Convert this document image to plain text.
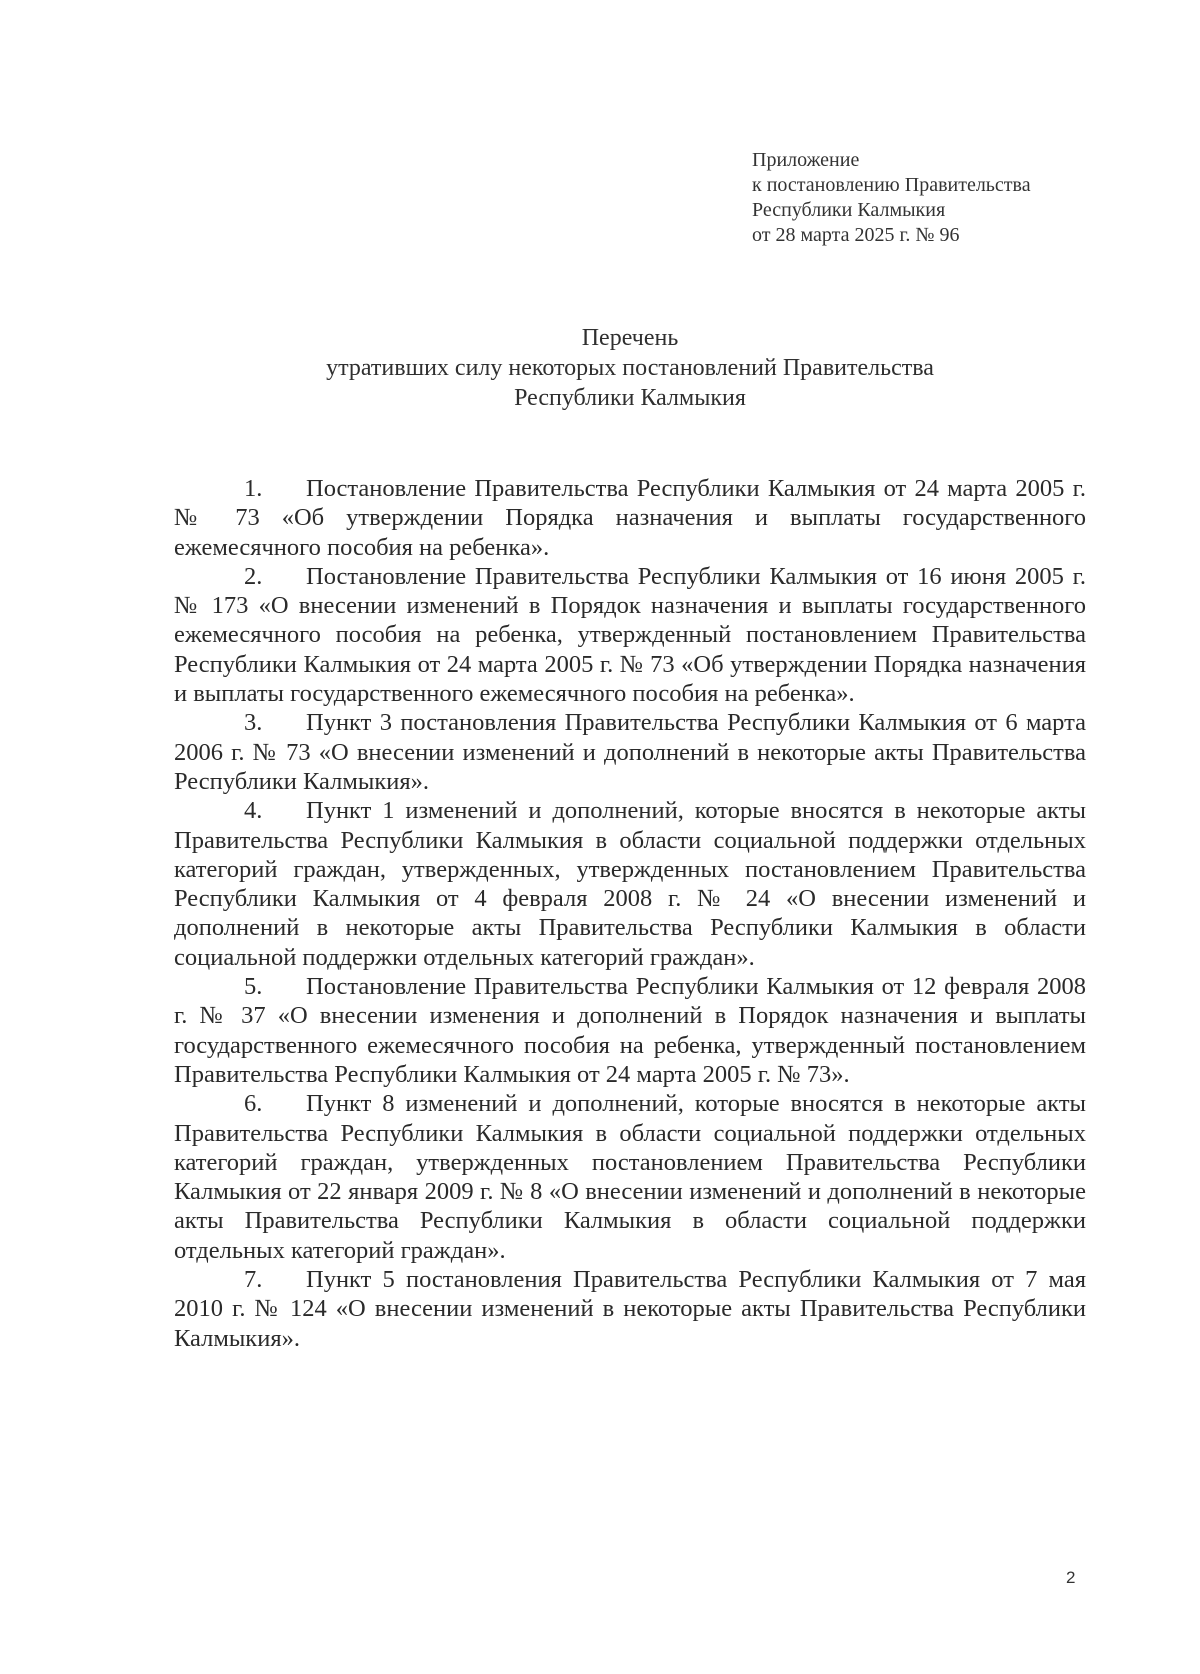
Приложение
к постановлению Правительства
Республики Калмыкия
от 28 марта 2025 г. № 96
Перечень
утративших силу некоторых постановлений Правительства
Республики Калмыкия

1. Постановление Правительства Республики Калмыкия от 24 марта 2005 г. № 73 «Об утверждении Порядка назначения и выплаты государственного ежемесячного пособия на ребенка».

2. Постановление Правительства Республики Калмыкия от 16 июня 2005 г. № 173 «О внесении изменений в Порядок назначения и выплаты государственного ежемесячного пособия на ребенка, утвержденный постановлением Правительства Республики Калмыкия от 24 марта 2005 г. № 73 «Об утверждении Порядка назначения и выплаты государственного ежемесячного пособия на ребенка».

3. Пункт 3 постановления Правительства Республики Калмыкия от 6 марта 2006 г. № 73 «О внесении изменений и дополнений в некоторые акты Правительства Республики Калмыкия».

4. Пункт 1 изменений и дополнений, которые вносятся в некоторые акты Правительства Республики Калмыкия в области социальной поддержки отдельных категорий граждан, утвержденных, утвержденных постановлением Правительства Республики Калмыкия от 4 февраля 2008 г. № 24 «О внесении изменений и дополнений в некоторые акты Правительства Республики Калмыкия в области социальной поддержки отдельных категорий граждан».

5. Постановление Правительства Республики Калмыкия от 12 февраля 2008 г. № 37 «О внесении изменения и дополнений в Порядок назначения и выплаты государственного ежемесячного пособия на ребенка, утвержденный постановлением Правительства Республики Калмыкия от 24 марта 2005 г. № 73».

6. Пункт 8 изменений и дополнений, которые вносятся в некоторые акты Правительства Республики Калмыкия в области социальной поддержки отдельных категорий граждан, утвержденных постановлением Правительства Республики Калмыкия от 22 января 2009 г. № 8 «О внесении изменений и дополнений в некоторые акты Правительства Республики Калмыкия в области социальной поддержки отдельных категорий граждан».

7. Пункт 5 постановления Правительства Республики Калмыкия от 7 мая 2010 г. № 124 «О внесении изменений в некоторые акты Правительства Республики Калмыкия».

2
